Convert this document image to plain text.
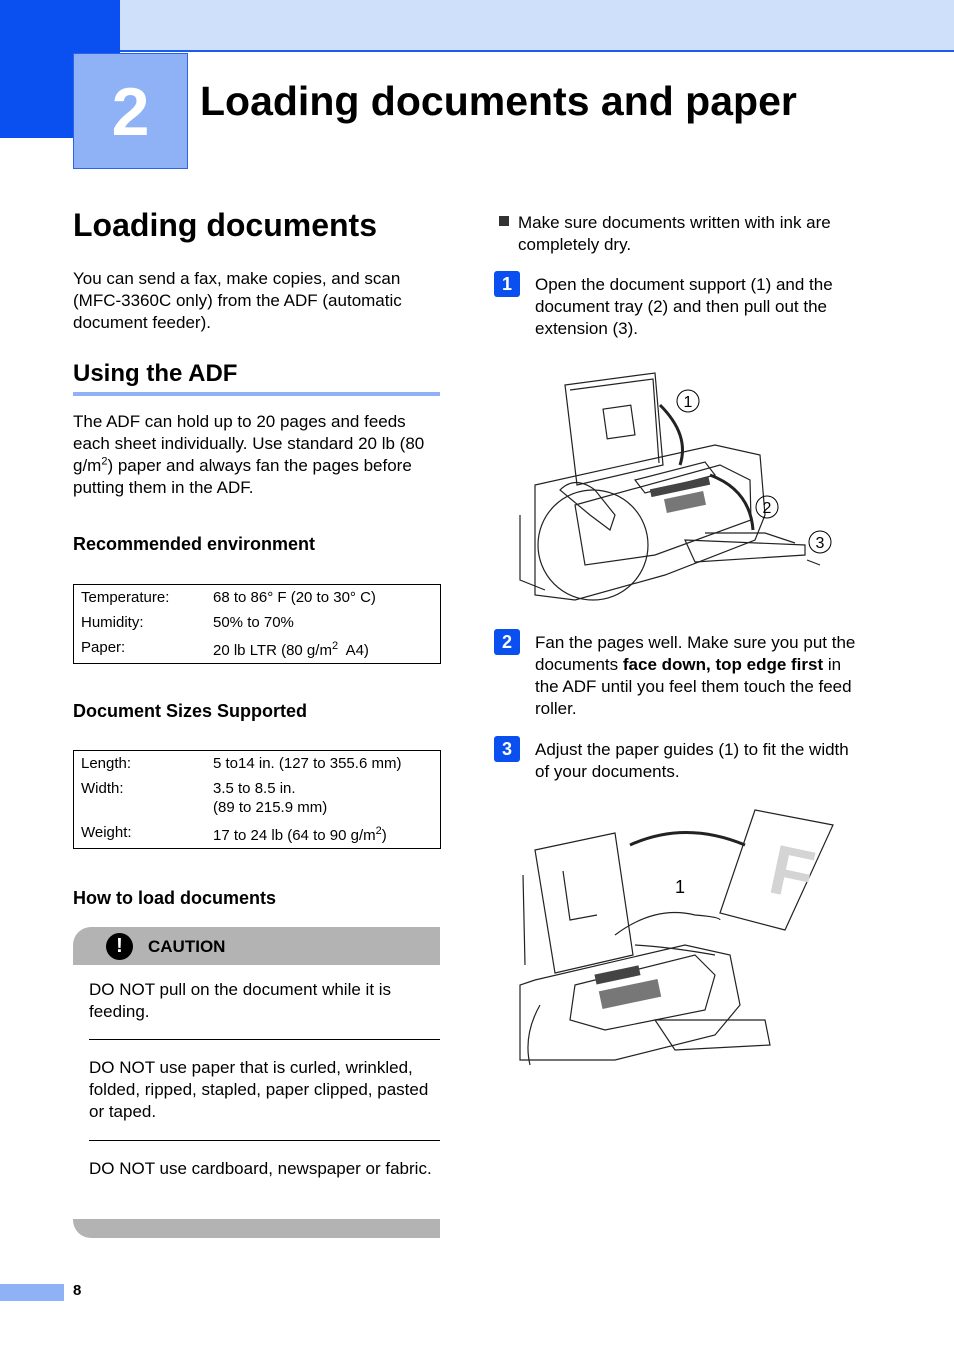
2	Loading documents and paper
Loading documents

You can send a fax, make copies, and scan (MFC-3360C only) from the ADF (automatic document feeder).

Using the ADF

The ADF can hold up to 20 pages and feeds each sheet individually. Use standard 20 lb (80 $g/m^2$) paper and always fan the pages before putting them in the ADF.

Recommended environment
Temperature:	68 to 86° F (20 to 30° C)
Humidity:	50% to 70%
Paper:	20 lb LTR (80 $g/m^2$  A4)
Document Sizes Supported
Length:	5 to14 in. (127 to 355.6 mm)
Width:	3.5 to 8.5 in.
(89 to 215.9 mm)

Weight:	17 to 24 lb (64 to 90 $g/m^2$)
How to load documents
!	CAUTION

DO NOT pull on the document while it is feeding.

DO NOT use paper that is curled, wrinkled, folded, ripped, stapled, paper clipped, pasted or taped.

DO NOT use cardboard, newspaper or fabric.

Make sure documents written with ink are completely dry.

1	Open the document support (1) and the document tray (2) and then pull out the extension (3).

1
2
3
2	Fan the pages well. Make sure you put the documents face down, top edge first in the ADF until you feel them touch the feed roller.

3	Adjust the paper guides (1) to fit the width of your documents.

F
1
8
